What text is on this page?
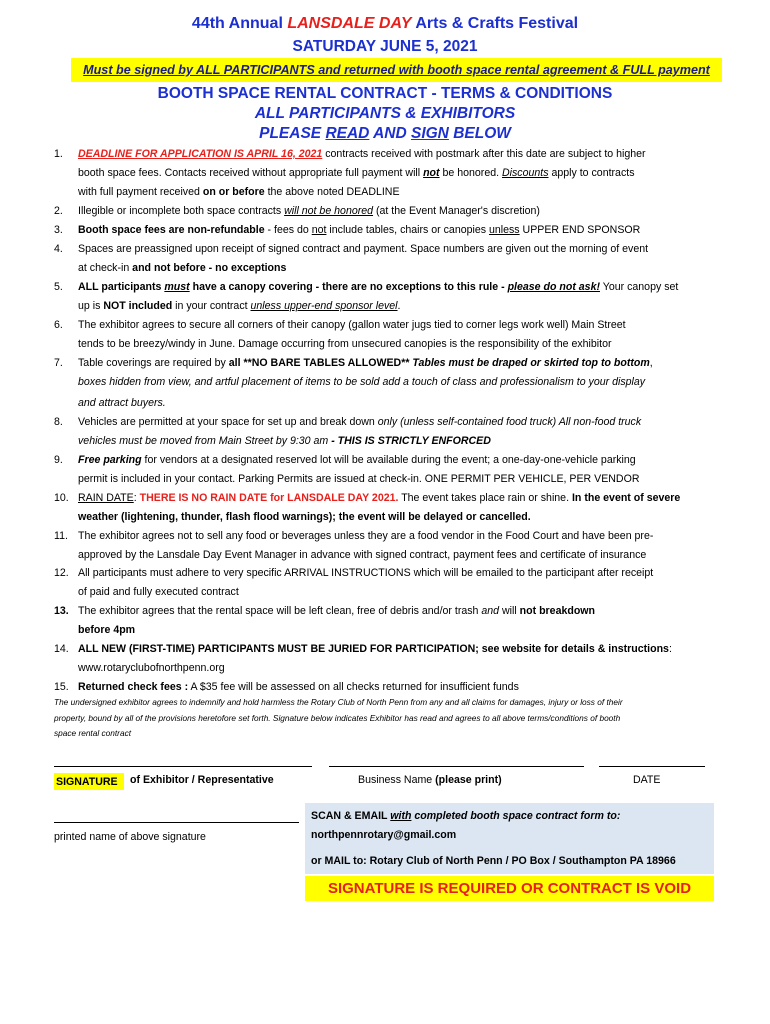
44th Annual LANSDALE DAY Arts & Crafts Festival
SATURDAY JUNE 5, 2021
Must be signed by ALL PARTICIPANTS and returned with booth space rental agreement & FULL payment
BOOTH SPACE RENTAL CONTRACT - TERMS & CONDITIONS
ALL PARTICIPANTS & EXHIBITORS
PLEASE READ AND SIGN BELOW
1. DEADLINE FOR APPLICATION IS APRIL 16, 2021 contracts received with postmark after this date are subject to higher
booth space fees. Contacts received without appropriate full payment will not be honored. Discounts apply to contracts
with full payment received on or before the above noted DEADLINE
2. Illegible or incomplete both space contracts will not be honored (at the Event Manager's discretion)
3. Booth space fees are non-refundable - fees do not include tables, chairs or canopies unless UPPER END SPONSOR
4. Spaces are preassigned upon receipt of signed contract and payment. Space numbers are given out the morning of event
at check-in and not before - no exceptions
5. ALL participants must have a canopy covering - there are no exceptions to this rule - please do not ask! Your canopy set
up is NOT included in your contract unless upper-end sponsor level.
6. The exhibitor agrees to secure all corners of their canopy (gallon water jugs tied to corner legs work well) Main Street
tends to be breezy/windy in June. Damage occurring from unsecured canopies is the responsibility of the exhibitor
7. Table coverings are required by all **NO BARE TABLES ALLOWED** Tables must be draped or skirted top to bottom,
boxes hidden from view, and artful placement of items to be sold add a touch of class and professionalism to your display
and attract buyers.
8. Vehicles are permitted at your space for set up and break down only (unless self-contained food truck) All non-food truck
vehicles must be moved from Main Street by 9:30 am - THIS IS STRICTLY ENFORCED
9. Free parking for vendors at a designated reserved lot will be available during the event; a one-day-one-vehicle parking
permit is included in your contact. Parking Permits are issued at check-in. ONE PERMIT PER VEHICLE, PER VENDOR
10. RAIN DATE: THERE IS NO RAIN DATE for LANSDALE DAY 2021. The event takes place rain or shine. In the event of severe
weather (lightening, thunder, flash flood warnings); the event will be delayed or cancelled.
11. The exhibitor agrees not to sell any food or beverages unless they are a food vendor in the Food Court and have been pre-
approved by the Lansdale Day Event Manager in advance with signed contract, payment fees and certificate of insurance
12. All participants must adhere to very specific ARRIVAL INSTRUCTIONS which will be emailed to the participant after receipt
of paid and fully executed contract
13. The exhibitor agrees that the rental space will be left clean, free of debris and/or trash and will not breakdown
before 4pm
14. ALL NEW (FIRST-TIME) PARTICIPANTS MUST BE JURIED FOR PARTICIPATION; see website for details & instructions:
www.rotaryclubofnorthpenn.org
15. Returned check fees : A $35 fee will be assessed on all checks returned for insufficient funds
The undersigned exhibitor agrees to indemnify and hold harmless the Rotary Club of North Penn from any and all claims for damages, injury or loss of their
property, bound by all of the provisions heretofore set forth. Signature below indicates Exhibitor has read and agrees to all above terms/conditions of booth
space rental contract
SIGNATURE of Exhibitor / Representative	Business Name (please print)	DATE
printed name of above signature
SCAN & EMAIL with completed booth space contract form to:
northpennrotary@gmail.com
or MAIL to: Rotary Club of North Penn / PO Box / Southampton PA 18966
SIGNATURE IS REQUIRED OR CONTRACT IS VOID
